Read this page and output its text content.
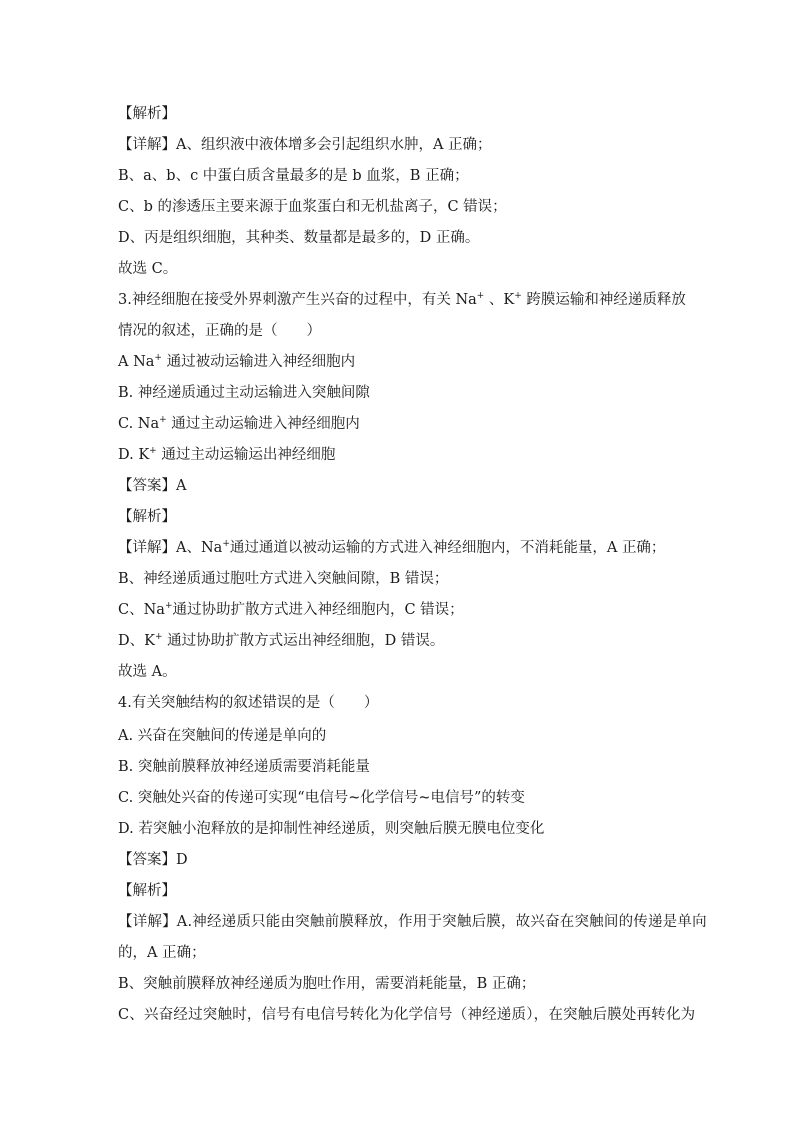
【解析】
【详解】A、组织液中液体增多会引起组织水肿，A 正确；
B、a、b、c 中蛋白质含量最多的是 b 血浆，B 正确；
C、b 的渗透压主要来源于血浆蛋白和无机盐离子，C 错误；
D、丙是组织细胞，其种类、数量都是最多的，D 正确。
故选 C。
3.神经细胞在接受外界刺激产生兴奋的过程中，有关 Na+ 、K+ 跨膜运输和神经递质释放
情况的叙述，正确的是（　　）
A Na+ 通过被动运输进入神经细胞内
B. 神经递质通过主动运输进入突触间隙
C. Na+ 通过主动运输进入神经细胞内
D. K+ 通过主动运输运出神经细胞
【答案】A
【解析】
【详解】A、Na+通过通道以被动运输的方式进入神经细胞内，不消耗能量，A 正确；
B、神经递质通过胞吐方式进入突触间隙，B 错误；
C、Na+通过协助扩散方式进入神经细胞内，C 错误；
D、K+ 通过协助扩散方式运出神经细胞，D 错误。
故选 A。
4.有关突触结构的叙述错误的是（　　）
A. 兴奋在突触间的传递是单向的
B. 突触前膜释放神经递质需要消耗能量
C. 突触处兴奋的传递可实现“电信号~化学信号~电信号”的转变
D. 若突触小泡释放的是抑制性神经递质，则突触后膜无膜电位变化
【答案】D
【解析】
【详解】A.神经递质只能由突触前膜释放，作用于突触后膜，故兴奋在突触间的传递是单向
的，A 正确；
B、突触前膜释放神经递质为胞吐作用，需要消耗能量，B 正确；
C、兴奋经过突触时，信号有电信号转化为化学信号（神经递质），在突触后膜处再转化为
